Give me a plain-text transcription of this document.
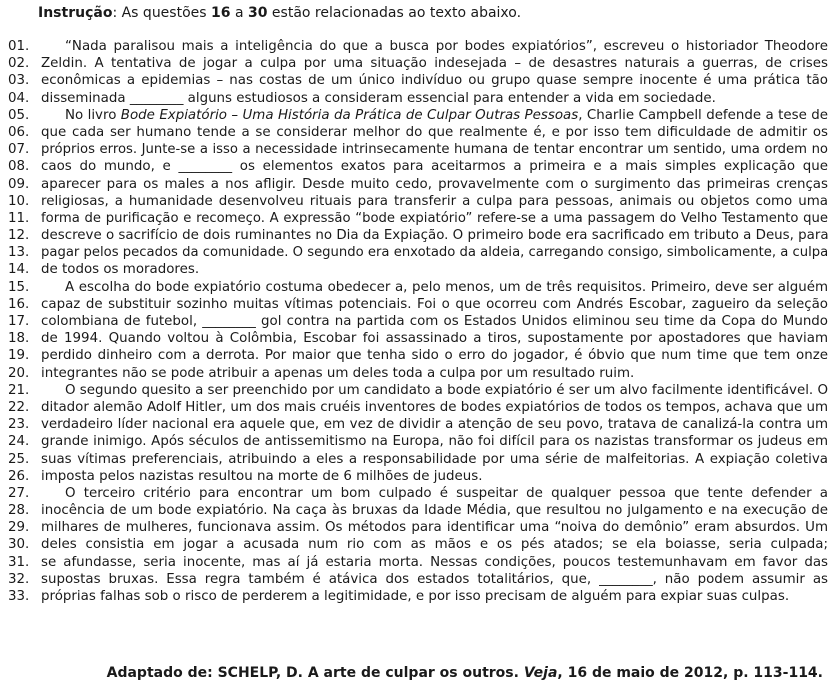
Instrução: As questões 16 a 30 estão relacionadas ao texto abaixo.
01.	“Nada paralisou mais a inteligência do que a busca por bodes expiatórios”, escreveu o historiador Theodore
02. Zeldin. A tentativa de jogar a culpa por uma situação indesejada – de desastres naturais a guerras, de crises
03. econômicas a epidemias – nas costas de um único indivíduo ou grupo quase sempre inocente é uma prática tão
04. disseminada ________ alguns estudiosos a consideram essencial para entender a vida em sociedade.
05.	No livro Bode Expiatório – Uma História da Prática de Culpar Outras Pessoas, Charlie Campbell defende a tese de
06. que cada ser humano tende a se considerar melhor do que realmente é, e por isso tem dificuldade de admitir os
07. próprios erros. Junte-se a isso a necessidade intrinsecamente humana de tentar encontrar um sentido, uma ordem no
08. caos do mundo, e ________ os elementos exatos para aceitarmos a primeira e a mais simples explicação que
09. aparecer para os males a nos afligir. Desde muito cedo, provavelmente com o surgimento das primeiras crenças
10. religiosas, a humanidade desenvolveu rituais para transferir a culpa para pessoas, animais ou objetos como uma
11. forma de purificação e recomeço. A expressão “bode expiatório” refere-se a uma passagem do Velho Testamento que
12. descreve o sacrifício de dois ruminantes no Dia da Expiação. O primeiro bode era sacrificado em tributo a Deus, para
13. pagar pelos pecados da comunidade. O segundo era enxotado da aldeia, carregando consigo, simbolicamente, a culpa
14. de todos os moradores.
15.	A escolha do bode expiatório costuma obedecer a, pelo menos, um de três requisitos. Primeiro, deve ser alguém
16. capaz de substituir sozinho muitas vítimas potenciais. Foi o que ocorreu com Andrés Escobar, zagueiro da seleção
17. colombiana de futebol, ________ gol contra na partida com os Estados Unidos eliminou seu time da Copa do Mundo
18. de 1994. Quando voltou à Colômbia, Escobar foi assassinado a tiros, supostamente por apostadores que haviam
19. perdido dinheiro com a derrota. Por maior que tenha sido o erro do jogador, é óbvio que num time que tem onze
20. integrantes não se pode atribuir a apenas um deles toda a culpa por um resultado ruim.
21.	O segundo quesito a ser preenchido por um candidato a bode expiatório é ser um alvo facilmente identificável. O
22. ditador alemão Adolf Hitler, um dos mais cruéis inventores de bodes expiatórios de todos os tempos, achava que um
23. verdadeiro líder nacional era aquele que, em vez de dividir a atenção de seu povo, tratava de canalizá-la contra um
24. grande inimigo. Após séculos de antissemitismo na Europa, não foi difícil para os nazistas transformar os judeus em
25. suas vítimas preferenciais, atribuindo a eles a responsabilidade por uma série de malfeitorias. A expiação coletiva
26. imposta pelos nazistas resultou na morte de 6 milhões de judeus.
27.	O terceiro critério para encontrar um bom culpado é suspeitar de qualquer pessoa que tente defender a
28. inocência de um bode expiatório. Na caça às bruxas da Idade Média, que resultou no julgamento e na execução de
29. milhares de mulheres, funcionava assim. Os métodos para identificar uma “noiva do demônio” eram absurdos. Um
30. deles consistia em jogar a acusada num rio com as mãos e os pés atados; se ela boiasse, seria culpada;
31. se afundasse, seria inocente, mas aí já estaria morta. Nessas condições, poucos testemunhavam em favor das
32. supostas bruxas. Essa regra também é atávica dos estados totalitários, que, ________, não podem assumir as
33. próprias falhas sob o risco de perderem a legitimidade, e por isso precisam de alguém para expiar suas culpas.
Adaptado de: SCHELP, D. A arte de culpar os outros. Veja, 16 de maio de 2012, p. 113-114.
